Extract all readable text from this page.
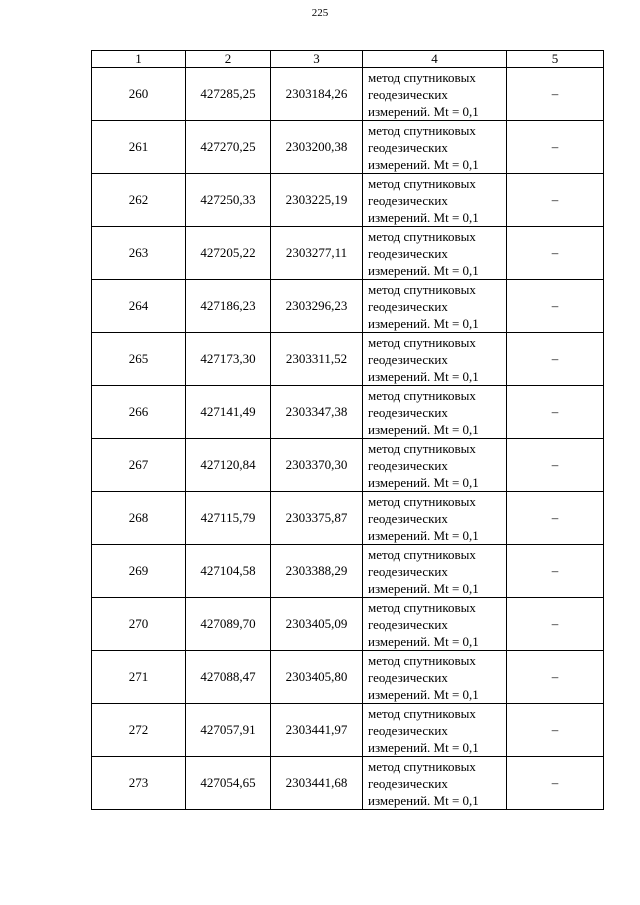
225
1	2	3	4	5
260	427285,25	2303184,26	метод спутниковых
геодезических
измерений. Mt = 0,1	–
261	427270,25	2303200,38	метод спутниковых
геодезических
измерений. Mt = 0,1	–
262	427250,33	2303225,19	метод спутниковых
геодезических
измерений. Mt = 0,1	–
263	427205,22	2303277,11	метод спутниковых
геодезических
измерений. Mt = 0,1	–
264	427186,23	2303296,23	метод спутниковых
геодезических
измерений. Mt = 0,1	–
265	427173,30	2303311,52	метод спутниковых
геодезических
измерений. Mt = 0,1	–
266	427141,49	2303347,38	метод спутниковых
геодезических
измерений. Mt = 0,1	–
267	427120,84	2303370,30	метод спутниковых
геодезических
измерений. Mt = 0,1	–
268	427115,79	2303375,87	метод спутниковых
геодезических
измерений. Mt = 0,1	–
269	427104,58	2303388,29	метод спутниковых
геодезических
измерений. Mt = 0,1	–
270	427089,70	2303405,09	метод спутниковых
геодезических
измерений. Mt = 0,1	–
271	427088,47	2303405,80	метод спутниковых
геодезических
измерений. Mt = 0,1	–
272	427057,91	2303441,97	метод спутниковых
геодезических
измерений. Mt = 0,1	–
273	427054,65	2303441,68	метод спутниковых
геодезических
измерений. Mt = 0,1	–
